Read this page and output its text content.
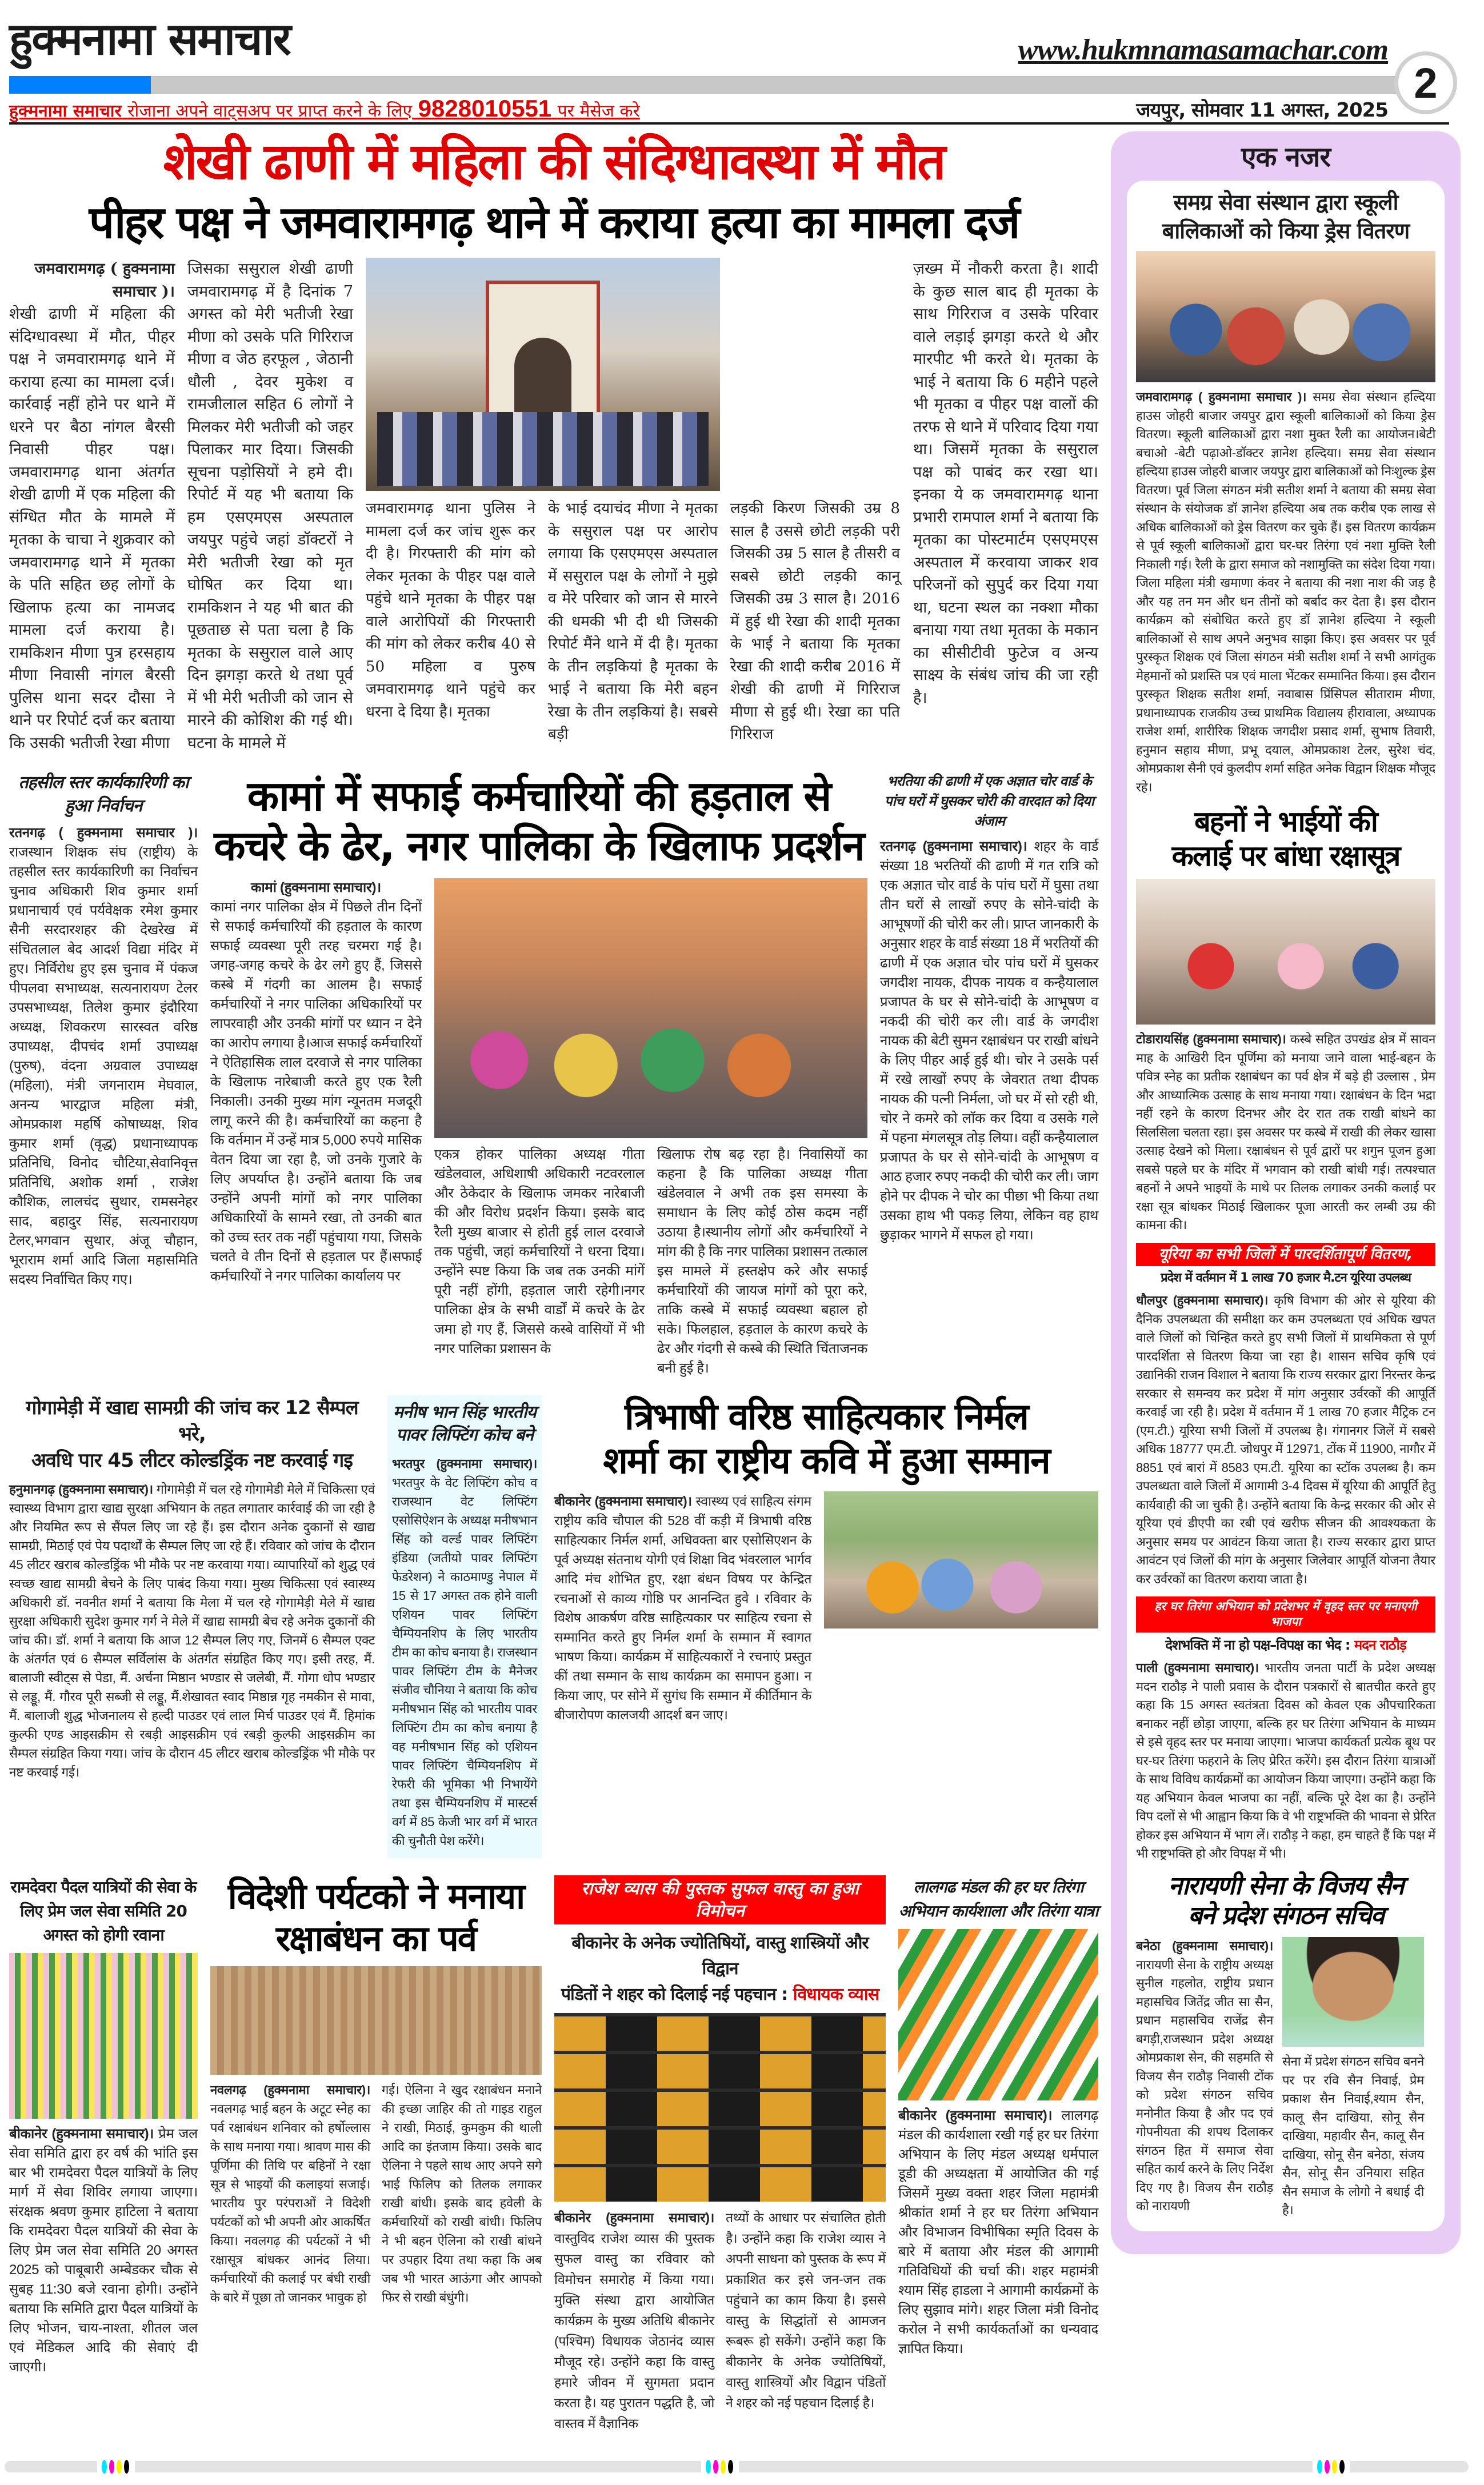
हुक्मनामा समाचार	www.hukmnamasamachar.com
2
हुक्मनामा समाचार रोजाना अपने वाट्सअप पर प्राप्त करने के लिए 9828010551 पर मैसेज करे	जयपुर, सोमवार 11 अगस्त, 2025
शेखी ढाणी में महिला की संदिग्धावस्था में मौत
पीहर पक्ष ने जमवारामगढ़ थाने में कराया हत्या का मामला दर्ज
जमवारामगढ़ ( हुक्मनामा समाचार )।
शेखी ढाणी में महिला की संदिग्धावस्था में मौत, पीहर पक्ष ने जमवारामगढ़ थाने में कराया हत्या का मामला दर्ज। कार्रवाई नहीं होने पर थाने में धरने पर बैठा नांगल बैरसी निवासी पीहर पक्ष। जमवारामगढ़ थाना अंतर्गत शेखी ढाणी में एक महिला की संग्धित मौत के मामले में मृतका के चाचा ने शुक्रवार को जमवारामगढ़ थाने में मृतका के पति सहित छह लोगों के खिलाफ हत्या का नामजद मामला दर्ज कराया है। रामकिशन मीणा पुत्र हरसहाय मीणा निवासी नांगल बैरसी पुलिस थाना सदर दौसा ने थाने पर रिपोर्ट दर्ज कर बताया कि उसकी भतीजी रेखा मीणा
जिसका ससुराल शेखी ढाणी जमवारामगढ़ में है दिनांक 7 अगस्त को मेरी भतीजी रेखा मीणा को उसके पति गिरिराज मीणा व जेठ हरफूल , जेठानी धौली , देवर मुकेश व रामजीलाल सहित 6 लोगों ने मिलकर मेरी भतीजी को जहर पिलाकर मार दिया। जिसकी सूचना पड़ोसियों ने हमे दी। रिपोर्ट में यह भी बताया कि हम एसएमएस अस्पताल जयपुर पहुंचे जहां डॉक्टरों ने मेरी भतीजी रेखा को मृत घोषित कर दिया था। रामकिशन ने यह भी बात की पूछताछ से पता चला है कि मृतका के ससुराल वाले आए दिन झगड़ा करते थे तथा पूर्व में भी मेरी भतीजी को जान से मारने की कोशिश की गई थी। घटना के मामले में
जमवारामगढ़ थाना पुलिस ने मामला दर्ज कर जांच शुरू कर दी है। गिरफ्तारी की मांग को लेकर मृतका के पीहर पक्ष वाले पहुंचे थाने मृतका के पीहर पक्ष वाले आरोपियों की गिरफ्तारी की मांग को लेकर करीब 40 से 50 महिला व पुरुष जमवारामगढ़ थाने पहुंचे कर धरना दे दिया है। मृतका
के भाई दयाचंद मीणा ने मृतका के ससुराल पक्ष पर आरोप लगाया कि एसएमएस अस्पताल में ससुराल पक्ष के लोगों ने मुझे व मेरे परिवार को जान से मारने की धमकी भी दी थी जिसकी रिपोर्ट मैंने थाने में दी है। मृतका के तीन लड़कियां है मृतका के भाई ने बताया कि मेरी बहन रेखा के तीन लड़कियां है। सबसे बड़ी
लड़की किरण जिसकी उम्र 8 साल है उससे छोटी लड़की परी जिसकी उम्र 5 साल है तीसरी व सबसे छोटी लड़की कानू जिसकी उम्र 3 साल है। 2016 में हुई थी रेखा की शादी मृतका के भाई ने बताया कि मृतका रेखा की शादी करीब 2016 में शेखी की ढाणी में गिरिराज मीणा से हुई थी। रेखा का पति गिरिराज
ज़ख्म में नौकरी करता है। शादी के कुछ साल बाद ही मृतका के साथ गिरिराज व उसके परिवार वाले लड़ाई झगड़ा करते थे और मारपीट भी करते थे। मृतका के भाई ने बताया कि 6 महीने पहले भी मृतका व पीहर पक्ष वालों की तरफ से थाने में परिवाद दिया गया था। जिसमें मृतका के ससुराल पक्ष को पाबंद कर रखा था। इनका ये क जमवारामगढ़ थाना प्रभारी रामपाल शर्मा ने बताया कि मृतका का पोस्टमार्टम एसएमएस अस्पताल में करवाया जाकर शव परिजनों को सुपुर्द कर दिया गया था, घटना स्थल का नक्शा मौका बनाया गया तथा मृतका के मकान का सीसीटीवी फुटेज व अन्य साक्ष्य के संबंध जांच की जा रही है।
तहसील स्तर कार्यकारिणी का हुआ निर्वाचन
रतनगढ़ ( हुक्मनामा समाचार )। राजस्थान शिक्षक संघ (राष्ट्रीय) के तहसील स्तर कार्यकारिणी का निर्वाचन चुनाव अधिकारी शिव कुमार शर्मा प्रधानाचार्य एवं पर्यवेक्षक रमेश कुमार सैनी सरदारशहर की देखरेख में संचितलाल बेद आदर्श विद्या मंदिर में हुए। निर्विरोध हुए इस चुनाव में पंकज पीपलवा सभाध्यक्ष, सत्यनारायण टेलर उपसभाध्यक्ष, तिलेश कुमार इंदौरिया अध्यक्ष, शिवकरण सारस्वत वरिष्ठ उपाध्यक्ष, दीपचंद शर्मा उपाध्यक्ष (पुरुष), वंदना अग्रवाल उपाध्यक्ष (महिला), मंत्री जगनाराम मेघवाल, अनन्य भारद्वाज महिला मंत्री, ओमप्रकाश महर्षि कोषाध्यक्ष, शिव कुमार शर्मा (वृद्ध) प्रधानाध्यापक प्रतिनिधि, विनोद चौटिया,सेवानिवृत्त प्रतिनिधि, अशोक शर्मा , राजेश कौशिक, लालचंद सुथार, रामसनेहर साद, बहादुर सिंह, सत्यनारायण टेलर,भगवान सुथार, अंजू चौहान, भूराराम शर्मा आदि जिला महासमिति सदस्य निर्वाचित किए गए।
कामां में सफाई कर्मचारियों की हड़ताल से
कचरे के ढेर, नगर पालिका के खिलाफ प्रदर्शन
कामां (हुक्मनामा समाचार)।
कामां नगर पालिका क्षेत्र में पिछले तीन दिनों से सफाई कर्मचारियों की हड़ताल के कारण सफाई व्यवस्था पूरी तरह चरमरा गई है। जगह-जगह कचरे के ढेर लगे हुए हैं, जिससे कस्बे में गंदगी का आलम है। सफाई कर्मचारियों ने नगर पालिका अधिकारियों पर लापरवाही और उनकी मांगों पर ध्यान न देने का आरोप लगाया है।आज सफाई कर्मचारियों ने ऐतिहासिक लाल दरवाजे से नगर पालिका के खिलाफ नारेबाजी करते हुए एक रैली निकाली। उनकी मुख्य मांग न्यूनतम मजदूरी लागू करने की है। कर्मचारियों का कहना है कि वर्तमान में उन्हें मात्र 5,000 रुपये मासिक वेतन दिया जा रहा है, जो उनके गुजारे के लिए अपर्याप्त है। उन्होंने बताया कि जब उन्होंने अपनी मांगों को नगर पालिका अधिकारियों के सामने रखा, तो उनकी बात को उच्च स्तर तक नहीं पहुंचाया गया, जिसके चलते वे तीन दिनों से हड़ताल पर हैं।सफाई कर्मचारियों ने नगर पालिका कार्यालय पर
एकत्र होकर पालिका अध्यक्ष गीता खंडेलवाल, अधिशाषी अधिकारी नटवरलाल और ठेकेदार के खिलाफ जमकर नारेबाजी की और विरोध प्रदर्शन किया। इसके बाद रैली मुख्य बाजार से होती हुई लाल दरवाजे तक पहुंची, जहां कर्मचारियों ने धरना दिया। उन्होंने स्पष्ट किया कि जब तक उनकी मांगें पूरी नहीं होंगी, हड़ताल जारी रहेगी।नगर पालिका क्षेत्र के सभी वार्डों में कचरे के ढेर जमा हो गए हैं, जिससे कस्बे वासियों में भी नगर पालिका प्रशासन के
खिलाफ रोष बढ़ रहा है। निवासियों का कहना है कि पालिका अध्यक्ष गीता खंडेलवाल ने अभी तक इस समस्या के समाधान के लिए कोई ठोस कदम नहीं उठाया है।स्थानीय लोगों और कर्मचारियों ने मांग की है कि नगर पालिका प्रशासन तत्काल इस मामले में हस्तक्षेप करे और सफाई कर्मचारियों की जायज मांगों को पूरा करे, ताकि कस्बे में सफाई व्यवस्था बहाल हो सके। फिलहाल, हड़ताल के कारण कचरे के ढेर और गंदगी से कस्बे की स्थिति चिंताजनक बनी हुई है।
भरतिया की ढाणी में एक अज्ञात चोर वार्ड के पांच घरों में घुसकर चोरी की वारदात को दिया अंजाम
रतनगढ़ (हुक्मनामा समाचार)। शहर के वार्ड संख्या 18 भरतियों की ढाणी में गत रात्रि को एक अज्ञात चोर वार्ड के पांच घरों में घुसा तथा तीन घरों से लाखों रुपए के सोने-चांदी के आभूषणों की चोरी कर ली। प्राप्त जानकारी के अनुसार शहर के वार्ड संख्या 18 में भरतियों की ढाणी में एक अज्ञात चोर पांच घरों में घुसकर जगदीश नायक, दीपक नायक व कन्हैयालाल प्रजापत के घर से सोने-चांदी के आभूषण व नकदी की चोरी कर ली। वार्ड के जगदीश नायक की बेटी सुमन रक्षाबंधन पर राखी बांधने के लिए पीहर आई हुई थी। चोर ने उसके पर्स में रखे लाखों रुपए के जेवरात तथा दीपक नायक की पत्नी निर्मला, जो घर में सो रही थी, चोर ने कमरे को लाॅक कर दिया व उसके गले में पहना मंगलसूत्र तोड़ लिया। वहीं कन्हैयालाल प्रजापत के घर से सोने-चांदी के आभूषण व आठ हजार रुपए नकदी की चोरी कर ली। जाग होने पर दीपक ने चोर का पीछा भी किया तथा उसका हाथ भी पकड़ लिया, लेकिन वह हाथ छुड़ाकर भागने में सफल हो गया।
गोगामेड़ी में खाद्य सामग्री की जांच कर 12 सैम्पल भरे,
अवधि पार 45 लीटर कोल्डड्रिंक नष्ट करवाई गइ
हनुमानगढ़ (हुक्मनामा समाचार)। गोगामेड़ी में चल रहे गोगामेडी मेले में चिकित्सा एवं स्वास्थ्य विभाग द्वारा खाद्य सुरक्षा अभियान के तहत लगातार कार्रवाई की जा रही है और नियमित रूप से सैंपल लिए जा रहे हैं। इस दौरान अनेक दुकानों से खाद्य सामग्री, मिठाई एवं पेय पदार्थों के सैम्पल लिए जा रहे हैं। रविवार को जांच के दौरान 45 लीटर खराब कोल्डड्रिंक भी मौके पर नष्ट करवाया गया। व्यापारियों को शुद्ध एवं स्वच्छ खाद्य सामग्री बेचने के लिए पाबंद किया गया। मुख्य चिकित्सा एवं स्वास्थ्य अधिकारी डॉ. नवनीत शर्मा ने बताया कि मेला में चल रहे गोगामेड़ी मेले में खाद्य सुरक्षा अधिकारी सुदेश कुमार गर्ग ने मेले में खाद्य सामग्री बेच रहे अनेक दुकानों की जांच की। डॉ. शर्मा ने बताया कि आज 12 सैम्पल लिए गए, जिनमें 6 सैम्पल एक्ट के अंतर्गत एवं 6 सैम्पल सर्विलांस के अंतर्गत संग्रहित किए गए। इसी तरह, मैं. बालाजी स्वीट्स से पेडा, मैं. अर्चना मिष्ठान भण्डार से जलेबी, मैं. गोगा धोप भण्डार से लड्डू, मैं. गौरव पूरी सब्जी से लड्डू, मैं.शेखावत स्वाद मिष्ठान्न गृह नमकीन से मावा, मैं. बालाजी शुद्ध भोजनालय से हल्दी पाउडर एवं लाल मिर्च पाउडर एवं मैं. हिमांक कुल्फी एण्ड आइसक्रीम से रबड़ी आइसक्रीम एवं रबड़ी कुल्फी आइसक्रीम का सैम्पल संग्रहित किया गया। जांच के दौरान 45 लीटर खराब कोल्डड्रिंक भी मौके पर नष्ट करवाई गई।
मनीष भान सिंह भारतीय पावर लिफ्टिंग कोच बने
भरतपुर (हुक्मनामा समाचार)। भरतपुर के वेट लिफ्टिंग कोच व राजस्थान वेट लिफ्टिंग एसोसिऐशन के अध्यक्ष मनीषभान सिंह को वर्ल्ड पावर लिफ्टिंग इंडिया (जतीयो पावर लिफ्टिंग फेडरेशन) ने काठमाण्डु नेपाल में 15 से 17 अगस्त तक होने वाली एशियन पावर लिफ्टिंग चैम्पियनशिप के लिए भारतीय टीम का कोच बनाया है। राजस्थान पावर लिफ्टिंग टीम के मैनेजर संजीव चौनिया ने बताया कि कोच मनीषभान सिंह को भारतीय पावर लिफ्टिंग टीम का कोच बनाया है वह मनीषभान सिंह को एशियन पावर लिफ्टिंग चैम्पियनशिप में रेफरी की भूमिका भी निभायेंगे तथा इस चैम्पियनशिप में मास्टर्स वर्ग में 85 केजी भार वर्ग में भारत की चुनौती पेश करेंगे।
त्रिभाषी वरिष्ठ साहित्यकार निर्मल
शर्मा का राष्ट्रीय कवि में हुआ सम्मान
बीकानेर (हुक्मनामा समाचार)। स्वास्थ्य एवं साहित्य संगम राष्ट्रीय कवि चौपाल की 528 वीं कड़ी में त्रिभाषी वरिष्ठ साहित्यकार निर्मल शर्मा, अधिवक्ता बार एसोसिएशन के पूर्व अध्यक्ष संतनाथ योगी एवं शिक्षा विद भंवरलाल भार्गव आदि मंच शोभित हुए, रक्षा बंधन विषय पर केन्द्रित रचनाओं से काव्य गोष्ठि पर आनन्दित हुवे । रविवार के विशेष आकर्षण वरिष्ठ साहित्यकार पर साहित्य रचना से सम्मानित करते हुए निर्मल शर्मा के सम्मान में स्वागत भाषण किया। कार्यक्रम में साहित्यकारों ने रचनाएं प्रस्तुत कीं तथा सम्मान के साथ कार्यक्रम का समापन हुआ। न किया जाए, पर सोने में सुगंध कि सम्मान में कीर्तिमान के बीजारोपण कालजयी आदर्श बन जाए।
रामदेवरा पैदल यात्रियों की सेवा के लिए प्रेम जल सेवा समिति 20 अगस्त को होगी रवाना
बीकानेर (हुक्मनामा समाचार)। प्रेम जल सेवा समिति द्वारा हर वर्ष की भांति इस बार भी रामदेवरा पैदल यात्रियों के लिए मार्ग में सेवा शिविर लगाया जाएगा। संरक्षक श्रवण कुमार हाटिला ने बताया कि रामदेवरा पैदल यात्रियों की सेवा के लिए प्रेम जल सेवा समिति 20 अगस्त 2025 को पाबूबारी अम्बेडकर चौक से सुबह 11:30 बजे रवाना होगी। उन्होंने बताया कि समिति द्वारा पैदल यात्रियों के लिए भोजन, चाय-नाश्ता, शीतल जल एवं मेडिकल आदि की सेवाएं दी जाएगी।
विदेशी पर्यटको ने मनाया
रक्षाबंधन का पर्व
नवलगढ़ (हुक्मनामा समाचार)। नवलगढ़ भाई बहन के अटूट स्नेह का पर्व रक्षाबंधन शनिवार को हर्षोल्लास के साथ मनाया गया। श्रावण मास की पूर्णिमा की तिथि पर बहिनों ने रक्षा सूत्र से भाइयों की कलाइयां सजाई। भारतीय पुर परंपराओं ने विदेशी पर्यटकों को भी अपनी ओर आकर्षित किया। नवलगढ़ की पर्यटकों ने भी रक्षासूत्र बांधकर आनंद लिया। कर्मचारियों की कलाई पर बंधी राखी के बारे में पूछा तो जानकर भावुक हो
गई। ऐलिना ने खुद रक्षाबंधन मनाने की इच्छा जाहिर की तो गाइड राहुल ने राखी, मिठाई, कुमकुम की थाली आदि का इंतजाम किया। उसके बाद ऐलिना ने पहले साथ आए अपने सगे भाई फिलिप को तिलक लगाकर राखी बांधी। इसके बाद हवेली के कर्मचारियों को राखी बांधी। फिलिप ने भी बहन ऐलिना को राखी बांधने पर उपहार दिया तथा कहा कि अब जब भी भारत आऊंगा और आपको फिर से राखी बंधुंगी।
राजेश व्यास की पुस्तक सुफल वास्तु का हुआ विमोचन
बीकानेर के अनेक ज्योतिषियों, वास्तु शास्त्रियों और विद्वान
पंडितों ने शहर को दिलाई नई पहचान : विधायक व्यास
बीकानेर (हुक्मनामा समाचार)। वास्तुविद राजेश व्यास की पुस्तक सुफल वास्तु का रविवार को विमोचन समारोह में किया गया। मुक्ति संस्था द्वारा आयोजित कार्यक्रम के मुख्य अतिथि बीकानेर (पश्चिम) विधायक जेठानंद व्यास मौजूद रहे। उन्होंने कहा कि वास्तु हमारे जीवन में सुगमता प्रदान करता है। यह पुरातन पद्धति है, जो वास्तव में वैज्ञानिक
तथ्यों के आधार पर संचालित होती है। उन्होंने कहा कि राजेश व्यास ने अपनी साधना को पुस्तक के रूप में प्रकाशित कर इसे जन-जन तक पहुंचाने का काम किया है। इससे वास्तु के सिद्धांतों से आमजन रूबरू हो सकेंगे। उन्होंने कहा कि बीकानेर के अनेक ज्योतिषियों, वास्तु शास्त्रियों और विद्वान पंडितों ने शहर को नई पहचान दिलाई है।
लालगढ मंडल की हर घर तिरंगा अभियान कार्यशाला और तिरंगा यात्रा
बीकानेर (हुक्मनामा समाचार)। लालगढ़ मंडल की कार्यशाला रखी गई हर घर तिरंगा अभियान के लिए मंडल अध्यक्ष धर्मपाल डूडी की अध्यक्षता में आयोजित की गई जिसमें मुख्य वक्ता शहर जिला महामंत्री श्रीकांत शर्मा ने हर घर तिरंगा अभियान और विभाजन विभीषिका स्मृति दिवस के बारे में बताया और मंडल की आगामी गतिविधियों की चर्चा की। शहर महामंत्री श्याम सिंह हाडला ने आगामी कार्यक्रमों के लिए सुझाव मांगे। शहर जिला मंत्री विनोद करोल ने सभी कार्यकर्ताओं का धन्यवाद ज्ञापित किया।
एक नजर
समग्र सेवा संस्थान द्वारा स्कूली बालिकाओं को किया ड्रेस वितरण
जमवारामगढ़ ( हुक्मनामा समाचार )। समग्र सेवा संस्थान हल्दिया हाउस जोहरी बाजार जयपुर द्वारा स्कूली बालिकाओं को किया ड्रेस वितरण। स्कूली बालिकाओं द्वारा नशा मुक्त रैली का आयोजन।बेटी बचाओ -बेटी पढ़ाओ-डॉक्टर ज्ञानेश हल्दिया। समग्र सेवा संस्थान हल्दिया हाउस जोहरी बाजार जयपुर द्वारा बालिकाओं को निःशुल्क ड्रेस वितरण। पूर्व जिला संगठन मंत्री सतीश शर्मा ने बताया की समग्र सेवा संस्थान के संयोजक डॉ ज्ञानेश हल्दिया अब तक करीब एक लाख से अधिक बालिकाओं को ड्रेस वितरण कर चुके हैं। इस वितरण कार्यक्रम से पूर्व स्कूली बालिकाओं द्वारा घर-घर तिरंगा एवं नशा मुक्ति रैली निकाली गई। रैली के द्वारा समाज को नशामुक्ति का संदेश दिया गया। जिला महिला मंत्री खमाणा कंवर ने बताया की नशा नाश की जड़ है और यह तन मन और धन तीनों को बर्बाद कर देता है। इस दौरान कार्यक्रम को संबोधित करते हुए डॉ ज्ञानेश हल्दिया ने स्कूली बालिकाओं से साथ अपने अनुभव साझा किए। इस अवसर पर पूर्व पुरस्कृत शिक्षक एवं जिला संगठन मंत्री सतीश शर्मा ने सभी आगंतुक मेहमानों को प्रशस्ति पत्र एवं माला भेंटकर सम्मानित किया। इस दौरान पुरस्कृत शिक्षक सतीश शर्मा, नवाबास प्रिंसिपल सीताराम मीणा, प्रधानाध्यापक राजकीय उच्च प्राथमिक विद्यालय हीरावाला, अध्यापक राजेश शर्मा, शारीरिक शिक्षक जगदीश प्रसाद शर्मा, सुभाष तिवारी, हनुमान सहाय मीणा, प्रभू दयाल, ओमप्रकाश टेलर, सुरेश चंद, ओमप्रकाश सैनी एवं कुलदीप शर्मा सहित अनेक विद्वान शिक्षक मौजूद रहे।
बहनों ने भाईयों की
कलाई पर बांधा रक्षासूत्र
टोडारायसिंह (हुक्मनामा समाचार)। कस्बे सहित उपखंड क्षेत्र में सावन माह के आखिरी दिन पूर्णिमा को मनाया जाने वाला भाई-बहन के पवित्र स्नेह का प्रतीक रक्षाबंधन का पर्व क्षेत्र में बड़े ही उल्लास , प्रेम और आध्यात्मिक उत्साह के साथ मनाया गया। रक्षाबंधन के दिन भद्रा नहीं रहने के कारण दिनभर और देर रात तक राखी बांधने का सिलसिला चलता रहा। इस अवसर पर कस्बे में राखी की लेकर खासा उत्साह देखने को मिला। रक्षाबंधन से पूर्व द्वारों पर शगुन पूजन हुआ सबसे पहले घर के मंदिर में भगवान को राखी बांधी गई। तत्पश्चात बहनों ने अपने भाइयों के माथे पर तिलक लगाकर उनकी कलाई पर रक्षा सूत्र बांधकर मिठाई खिलाकर पूजा आरती कर लम्बी उम्र की कामना की।
यूरिया का सभी जिलों में पारदर्शितापूर्ण वितरण,
प्रदेश में वर्तमान में 1 लाख 70 हजार मै.टन यूरिया उपलब्ध
धौलपुर (हुक्मनामा समाचार)। कृषि विभाग की ओर से यूरिया की दैनिक उपलब्धता की समीक्षा कर कम उपलब्धता एवं अधिक खपत वाले जिलों को चिन्हित करते हुए सभी जिलों में प्राथमिकता से पूर्ण पारदर्शिता से वितरण किया जा रहा है। शासन सचिव कृषि एवं उद्यानिकी राजन विशाल ने बताया कि राज्य सरकार द्वारा निरन्तर केन्द्र सरकार से समन्वय कर प्रदेश में मांग अनुसार उर्वरकों की आपूर्ति करवाई जा रही है। प्रदेश में वर्तमान में 1 लाख 70 हजार मैट्रिक टन (एम.टी.) यूरिया सभी जिलों में उपलब्ध है। गंगानगर जिलें में सबसे अधिक 18777 एम.टी. जोधपुर में 12971, टोंक में 11900, नागौर में 8851 एवं बारां में 8583 एम.टी. यूरिया का स्टॉक उपलब्ध है। कम उपलब्धता वाले जिलों में आगामी 3-4 दिवस में यूरिया की आपूर्ति हेतु कार्यवाही की जा चुकी है। उन्होंने बताया कि केन्द्र सरकार की ओर से यूरिया एवं डीएपी का रबी एवं खरीफ सीजन की आवश्यकता के अनुसार समय पर आवंटन किया जाता है। राज्य सरकार द्वारा प्राप्त आवंटन एवं जिलों की मांग के अनुसार जिलेवार आपूर्ति योजना तैयार कर उर्वरकों का वितरण कराया जाता है।
हर घर तिरंगा अभियान को प्रदेशभर में वृहद स्तर पर मनाएगी भाजपा
देशभक्ति में ना हो पक्ष–विपक्ष का भेद : मदन राठौड़
पाली (हुक्मनामा समाचार)। भारतीय जनता पार्टी के प्रदेश अध्यक्ष मदन राठौड़ ने पाली प्रवास के दौरान पत्रकारों से बातचीत करते हुए कहा कि 15 अगस्त स्वतंत्रता दिवस को केवल एक औपचारिकता बनाकर नहीं छोड़ा जाएगा, बल्कि हर घर तिरंगा अभियान के माध्यम से इसे वृहद स्तर पर मनाया जाएगा। भाजपा कार्यकर्ता प्रत्येक बूथ पर घर-घर तिरंगा फहराने के लिए प्रेरित करेंगे। इस दौरान तिरंगा यात्राओं के साथ विविध कार्यक्रमों का आयोजन किया जाएगा। उन्होंने कहा कि यह अभियान केवल भाजपा का नहीं, बल्कि पूरे देश का है। उन्होंने विप दलों से भी आह्वान किया कि वे भी राष्ट्रभक्ति की भावना से प्रेरित होकर इस अभियान में भाग लें। राठौड़ ने कहा, हम चाहते हैं कि पक्ष में भी राष्ट्रभक्ति हो और विपक्ष में भी।
नारायणी सेना के विजय सैन
बने प्रदेश संगठन सचिव
बनेठा (हुक्मनामा समाचार)। नारायणी सेना के राष्ट्रीय अध्यक्ष सुनील गहलोत, राष्ट्रीय प्रधान महासचिव जितेंद्र जीत सा सैन, प्रधान महासचिव राजेंद्र सैन बगड़ी,राजस्थान प्रदेश अध्यक्ष ओमप्रकाश सेन, की सहमति से विजय सैन राठौड़ निवासी टोंक को प्रदेश संगठन सचिव मनोनीत किया है और पद एवं गोपनीयता की शपथ दिलाकर संगठन हित में समाज सेवा सहित कार्य करने के लिए निर्देश दिए गए है। विजय सैन राठौड़ को नारायणी
सेना में प्रदेश संगठन सचिव बनने पर पर रवि सैन निवाई, प्रेम प्रकाश सैन निवाई,श्याम सैन, कालू सैन दाखिया, सोनू सैन दाखिया, महावीर सैन, कालू सैन दाखिया, सोनू सैन बनेठा, संजय सैन, सोनू सैन उनियारा सहित सैन समाज के लोगो ने बधाई दी है।
